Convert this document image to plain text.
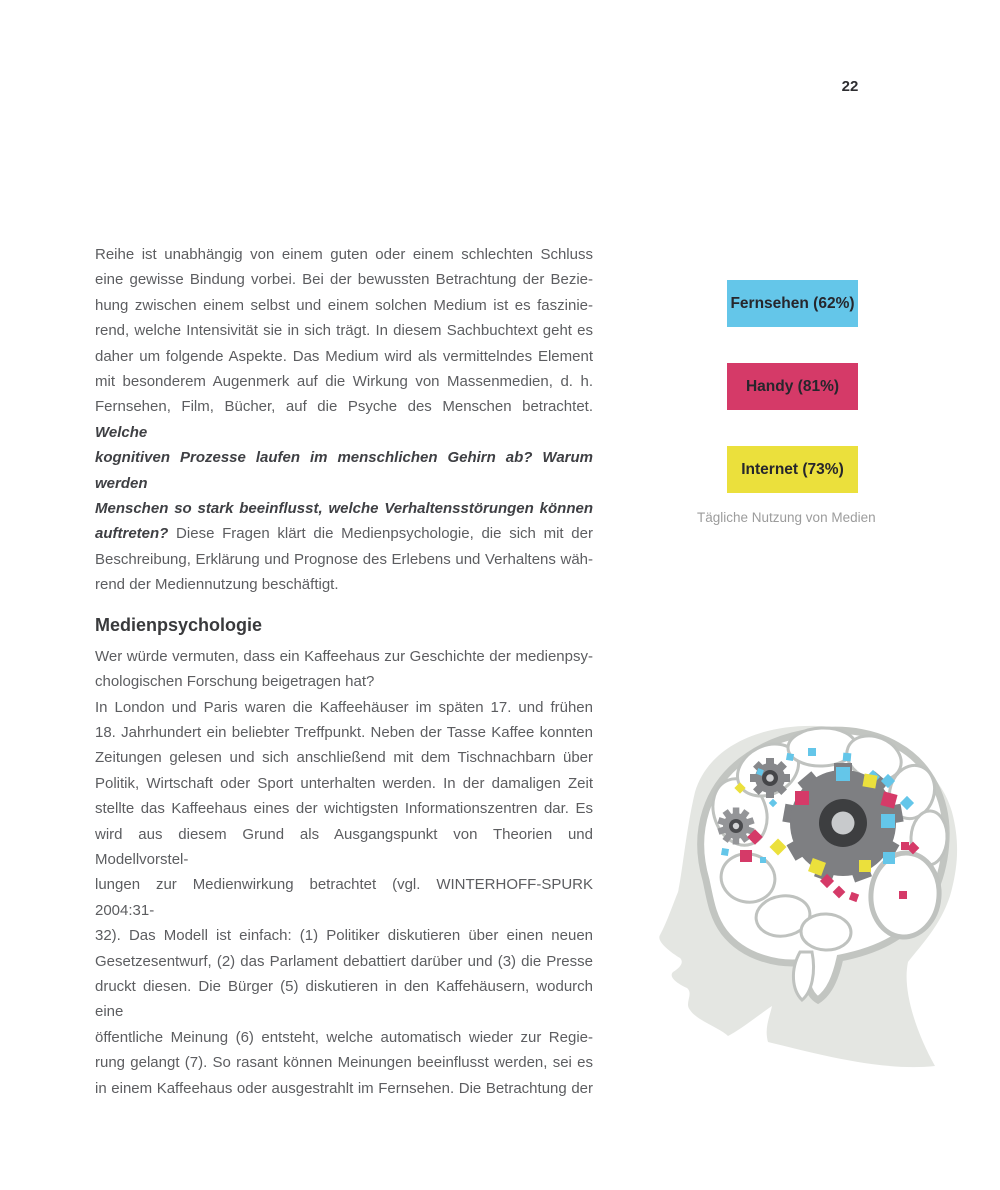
22
Reihe ist unabhängig von einem guten oder einem schlechten Schluss
eine gewisse Bindung vorbei. Bei der bewussten Betrachtung der Bezie-
hung zwischen einem selbst und einem solchen Medium ist es faszinie-
rend, welche Intensivität sie in sich trägt. In diesem Sachbuchtext geht es
daher um folgende Aspekte. Das Medium wird als vermittelndes Element
mit besonderem Augenmerk auf die Wirkung von Massenmedien, d. h.
Fernsehen, Film, Bücher, auf die Psyche des Menschen betrachtet. Welche
kognitiven Prozesse laufen im menschlichen Gehirn ab? Warum werden
Menschen so stark beeinflusst, welche Verhaltensstörungen können
auftreten? Diese Fragen klärt die Medienpsychologie, die sich mit der
Beschreibung, Erklärung und Prognose des Erlebens und Verhaltens wäh-
rend der Mediennutzung beschäftigt.
Medienpsychologie
Wer würde vermuten, dass ein Kaffeehaus zur Geschichte der medienpsy-
chologischen Forschung beigetragen hat?
In London und Paris waren die Kaffeehäuser im späten 17. und frühen
18. Jahrhundert ein beliebter Treffpunkt. Neben der Tasse Kaffee konnten
Zeitungen gelesen und sich anschließend mit dem Tischnachbarn über
Politik, Wirtschaft oder Sport unterhalten werden. In der damaligen Zeit
stellte das Kaffeehaus eines der wichtigsten Informationszentren dar. Es
wird aus diesem Grund als Ausgangspunkt von Theorien und Modellvorstel-
lungen zur Medienwirkung betrachtet (vgl. WINTERHOFF-SPURK 2004:31-
32). Das Modell ist einfach: (1) Politiker diskutieren über einen neuen
Gesetzesentwurf, (2) das Parlament debattiert darüber und (3) die Presse
druckt diesen. Die Bürger (5) diskutieren in den Kaffehäusern, wodurch eine
öffentliche Meinung (6) entsteht, welche automatisch wieder zur Regie-
rung gelangt (7). So rasant können Meinungen beeinflusst werden, sei es
in einem Kaffeehaus oder ausgestrahlt im Fernsehen. Die Betrachtung der
Fernsehen (62%)
Handy (81%)
Internet (73%)
Tägliche Nutzung von Medien
